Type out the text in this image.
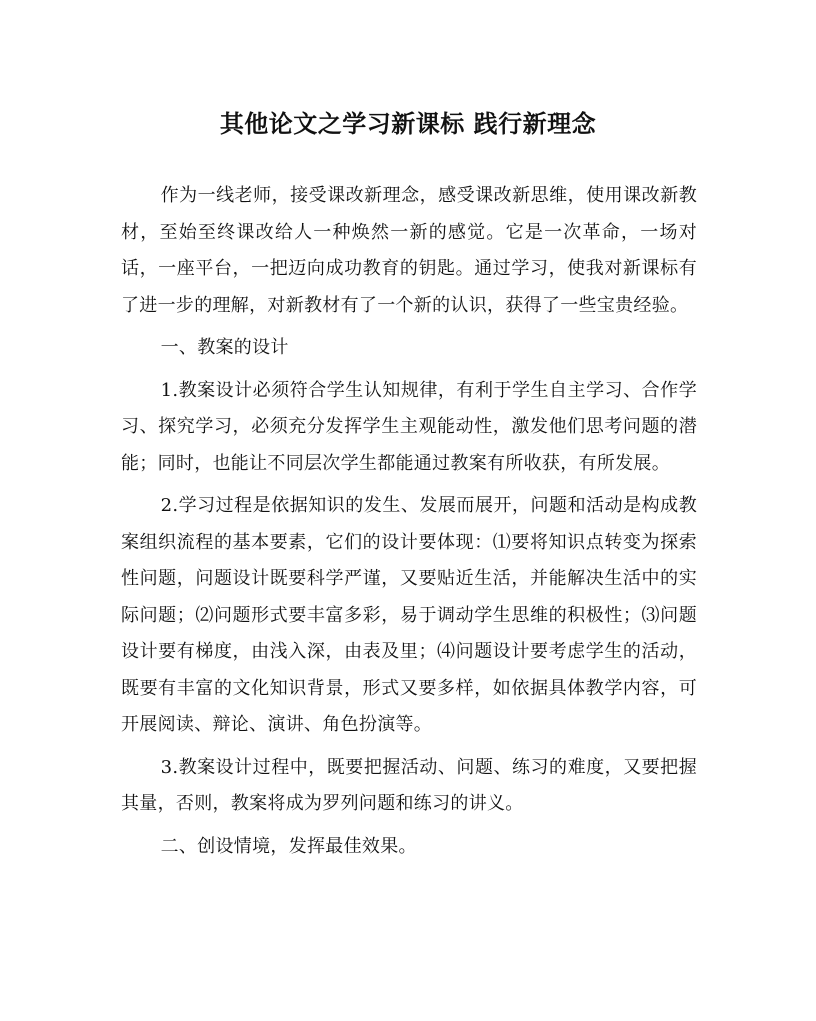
其他论文之学习新课标 践行新理念

作为一线老师，接受课改新理念，感受课改新思维，使用课改新教材，至始至终课改给人一种焕然一新的感觉。它是一次革命，一场对话，一座平台，一把迈向成功教育的钥匙。通过学习，使我对新课标有了进一步的理解，对新教材有了一个新的认识，获得了一些宝贵经验。

一、教案的设计

1.教案设计必须符合学生认知规律，有利于学生自主学习、合作学习、探究学习，必须充分发挥学生主观能动性，激发他们思考问题的潜能；同时，也能让不同层次学生都能通过教案有所收获，有所发展。

2.学习过程是依据知识的发生、发展而展开，问题和活动是构成教案组织流程的基本要素，它们的设计要体现：⑴要将知识点转变为探索性问题，问题设计既要科学严谨，又要贴近生活，并能解决生活中的实际问题；⑵问题形式要丰富多彩，易于调动学生思维的积极性；⑶问题设计要有梯度，由浅入深，由表及里；⑷问题设计要考虑学生的活动，既要有丰富的文化知识背景，形式又要多样，如依据具体教学内容，可开展阅读、辩论、演讲、角色扮演等。

3.教案设计过程中，既要把握活动、问题、练习的难度，又要把握其量，否则，教案将成为罗列问题和练习的讲义。

二、创设情境，发挥最佳效果。
